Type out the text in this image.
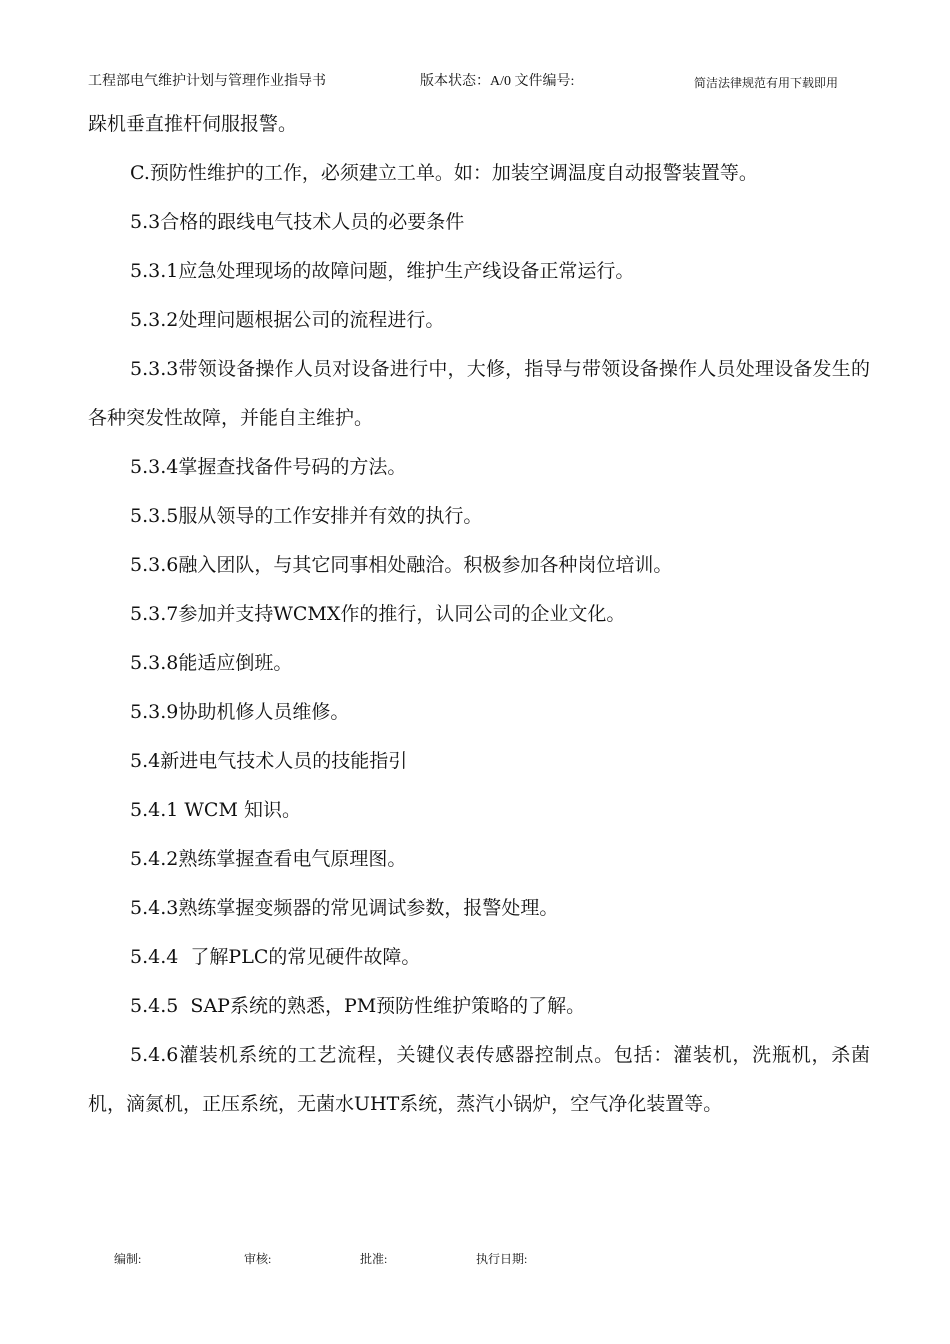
工程部电气维护计划与管理作业指导书	版本状态：A/0 文件编号:	简洁法律规范有用下载即用

跺机垂直推杆伺服报警。

C.预防性维护的工作，必须建立工单。如：加装空调温度自动报警装置等。

5.3合格的跟线电气技术人员的必要条件

5.3.1应急处理现场的故障问题，维护生产线设备正常运行。

5.3.2处理问题根据公司的流程进行。

5.3.3带领设备操作人员对设备进行中，大修，指导与带领设备操作人员处理设备发生的各种突发性故障，并能自主维护。

5.3.4掌握查找备件号码的方法。

5.3.5服从领导的工作安排并有效的执行。

5.3.6融入团队，与其它同事相处融洽。积极参加各种岗位培训。

5.3.7参加并支持WCMX作的推行，认同公司的企业文化。

5.3.8能适应倒班。

5.3.9协助机修人员维修。

5.4新进电气技术人员的技能指引

5.4.1 WCM 知识。

5.4.2熟练掌握查看电气原理图。

5.4.3熟练掌握变频器的常见调试参数，报警处理。

5.4.4  了解PLC的常见硬件故障。

5.4.5  SAP系统的熟悉，PM预防性维护策略的了解。

5.4.6灌装机系统的工艺流程，关键仪表传感器控制点。包括：灌装机，洗瓶机，杀菌机，滴氮机，正压系统，无菌水UHT系统，蒸汽小锅炉，空气净化装置等。

编制:	审核:	批准:	执行日期:
